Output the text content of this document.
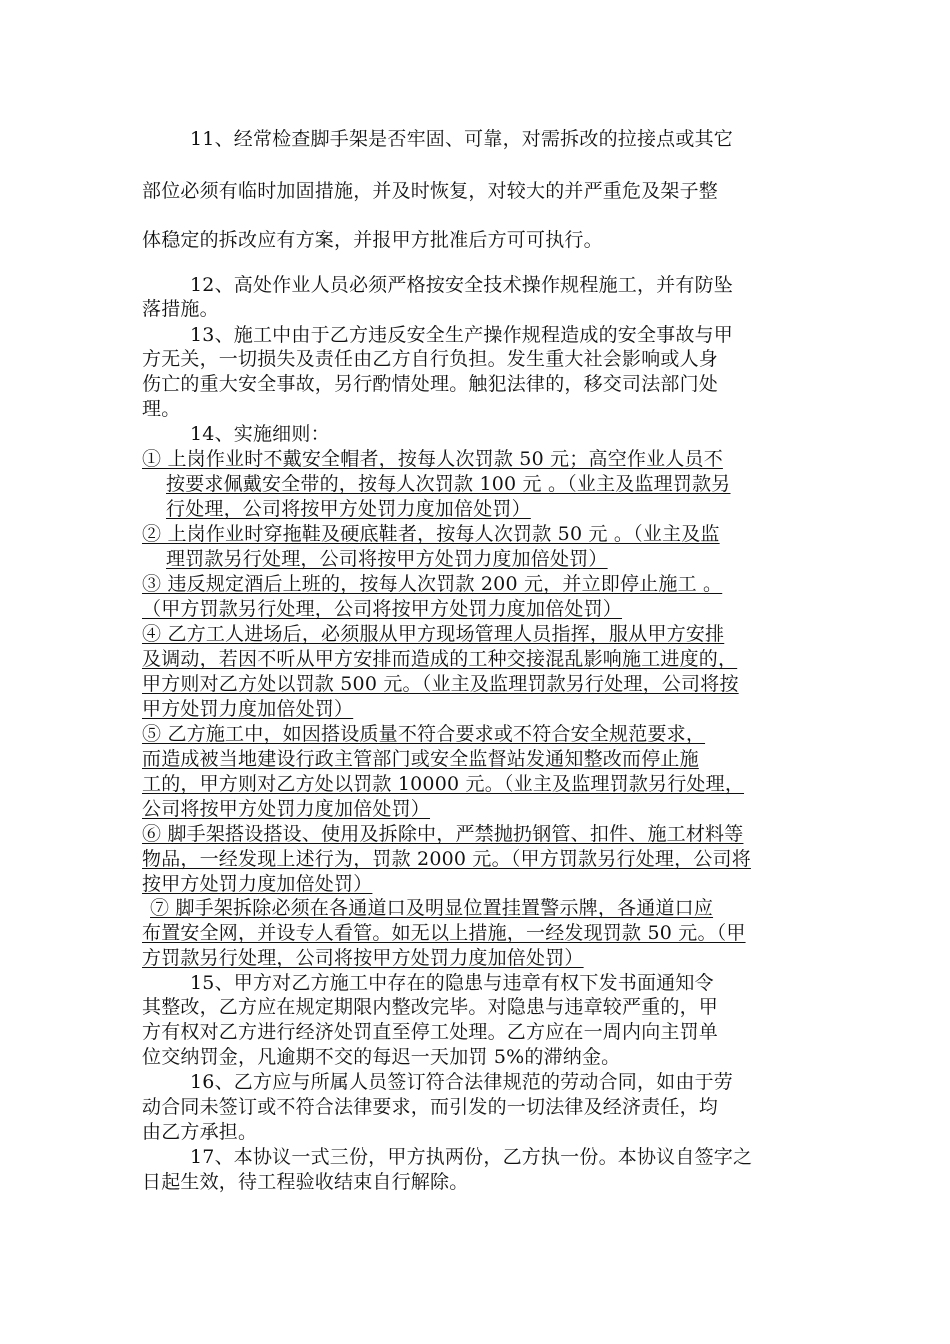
11、经常检查脚手架是否牢固、可靠，对需拆改的拉接点或其它
部位必须有临时加固措施，并及时恢复，对较大的并严重危及架子整
体稳定的拆改应有方案，并报甲方批准后方可可执行。
12、高处作业人员必须严格按安全技术操作规程施工，并有防坠
落措施。
13、施工中由于乙方违反安全生产操作规程造成的安全事故与甲
方无关，一切损失及责任由乙方自行负担。发生重大社会影响或人身
伤亡的重大安全事故，另行酌情处理。触犯法律的，移交司法部门处
理。
14、实施细则：
① 上岗作业时不戴安全帽者，按每人次罚款 50 元；高空作业人员不
按要求佩戴安全带的，按每人次罚款 100 元 。（业主及监理罚款另
行处理，公司将按甲方处罚力度加倍处罚）
② 上岗作业时穿拖鞋及硬底鞋者，按每人次罚款 50 元 。（业主及监
理罚款另行处理，公司将按甲方处罚力度加倍处罚）
③ 违反规定酒后上班的，按每人次罚款 200 元，并立即停止施工 。
（甲方罚款另行处理，公司将按甲方处罚力度加倍处罚）
④ 乙方工人进场后，必须服从甲方现场管理人员指挥，服从甲方安排
及调动，若因不听从甲方安排而造成的工种交接混乱影响施工进度的，
甲方则对乙方处以罚款 500 元。（业主及监理罚款另行处理，公司将按
甲方处罚力度加倍处罚）
⑤ 乙方施工中，如因搭设质量不符合要求或不符合安全规范要求，
而造成被当地建设行政主管部门或安全监督站发通知整改而停止施
工的，甲方则对乙方处以罚款 10000 元。（业主及监理罚款另行处理，
公司将按甲方处罚力度加倍处罚）
⑥ 脚手架搭设搭设、使用及拆除中，严禁抛扔钢管、扣件、施工材料等
物品，一经发现上述行为，罚款 2000 元。（甲方罚款另行处理，公司将
按甲方处罚力度加倍处罚）
⑦ 脚手架拆除必须在各通道口及明显位置挂置警示牌，各通道口应
布置安全网，并设专人看管。如无以上措施，一经发现罚款 50 元。（甲
方罚款另行处理，公司将按甲方处罚力度加倍处罚）
15、甲方对乙方施工中存在的隐患与违章有权下发书面通知令
其整改，乙方应在规定期限内整改完毕。对隐患与违章较严重的，甲
方有权对乙方进行经济处罚直至停工处理。乙方应在一周内向主罚单
位交纳罚金，凡逾期不交的每迟一天加罚 5%的滞纳金。
16、乙方应与所属人员签订符合法律规范的劳动合同，如由于劳
动合同未签订或不符合法律要求，而引发的一切法律及经济责任，均
由乙方承担。
17、本协议一式三份，甲方执两份，乙方执一份。本协议自签字之
日起生效，待工程验收结束自行解除。
